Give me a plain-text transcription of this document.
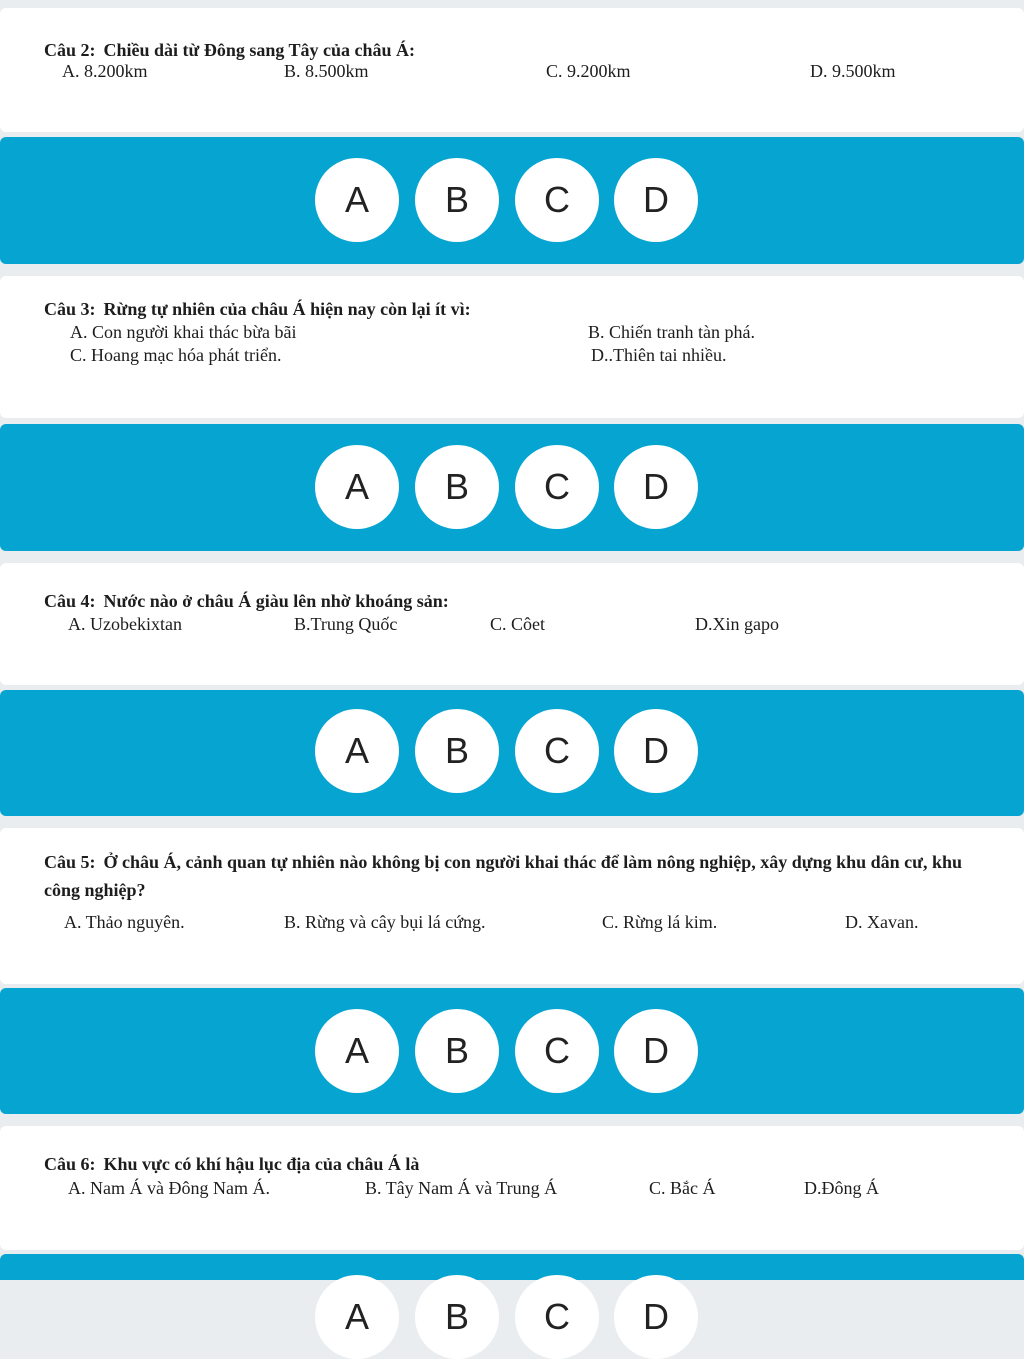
Câu 2: Chiều dài từ Đông sang Tây của châu Á:
A. 8.200km	B. 8.500km	C. 9.200km	D. 9.500km
A	B	C	D
Câu 3: Rừng tự nhiên của châu Á hiện nay còn lại ít vì:
A. Con người khai thác bừa bãi	B. Chiến tranh tàn phá.
C. Hoang mạc hóa phát triển.	D..Thiên tai nhiều.
A	B	C	D
Câu 4: Nước nào ở châu Á giàu lên nhờ khoáng sản:
A. Uzobekixtan	B.Trung Quốc	C. Côet	D.Xin gapo
A	B	C	D
Câu 5: Ở châu Á, cảnh quan tự nhiên nào không bị con người khai thác để làm nông nghiệp, xây dựng khu dân cư, khu công nghiệp?
A. Thảo nguyên.	B. Rừng và cây bụi lá cứng.	C. Rừng lá kim.	D. Xavan.
A	B	C	D
Câu 6: Khu vực có khí hậu lục địa của châu Á là
A. Nam Á và Đông Nam Á.	B. Tây Nam Á và Trung Á	C. Bắc Á	D.Đông Á
A	B	C	D
